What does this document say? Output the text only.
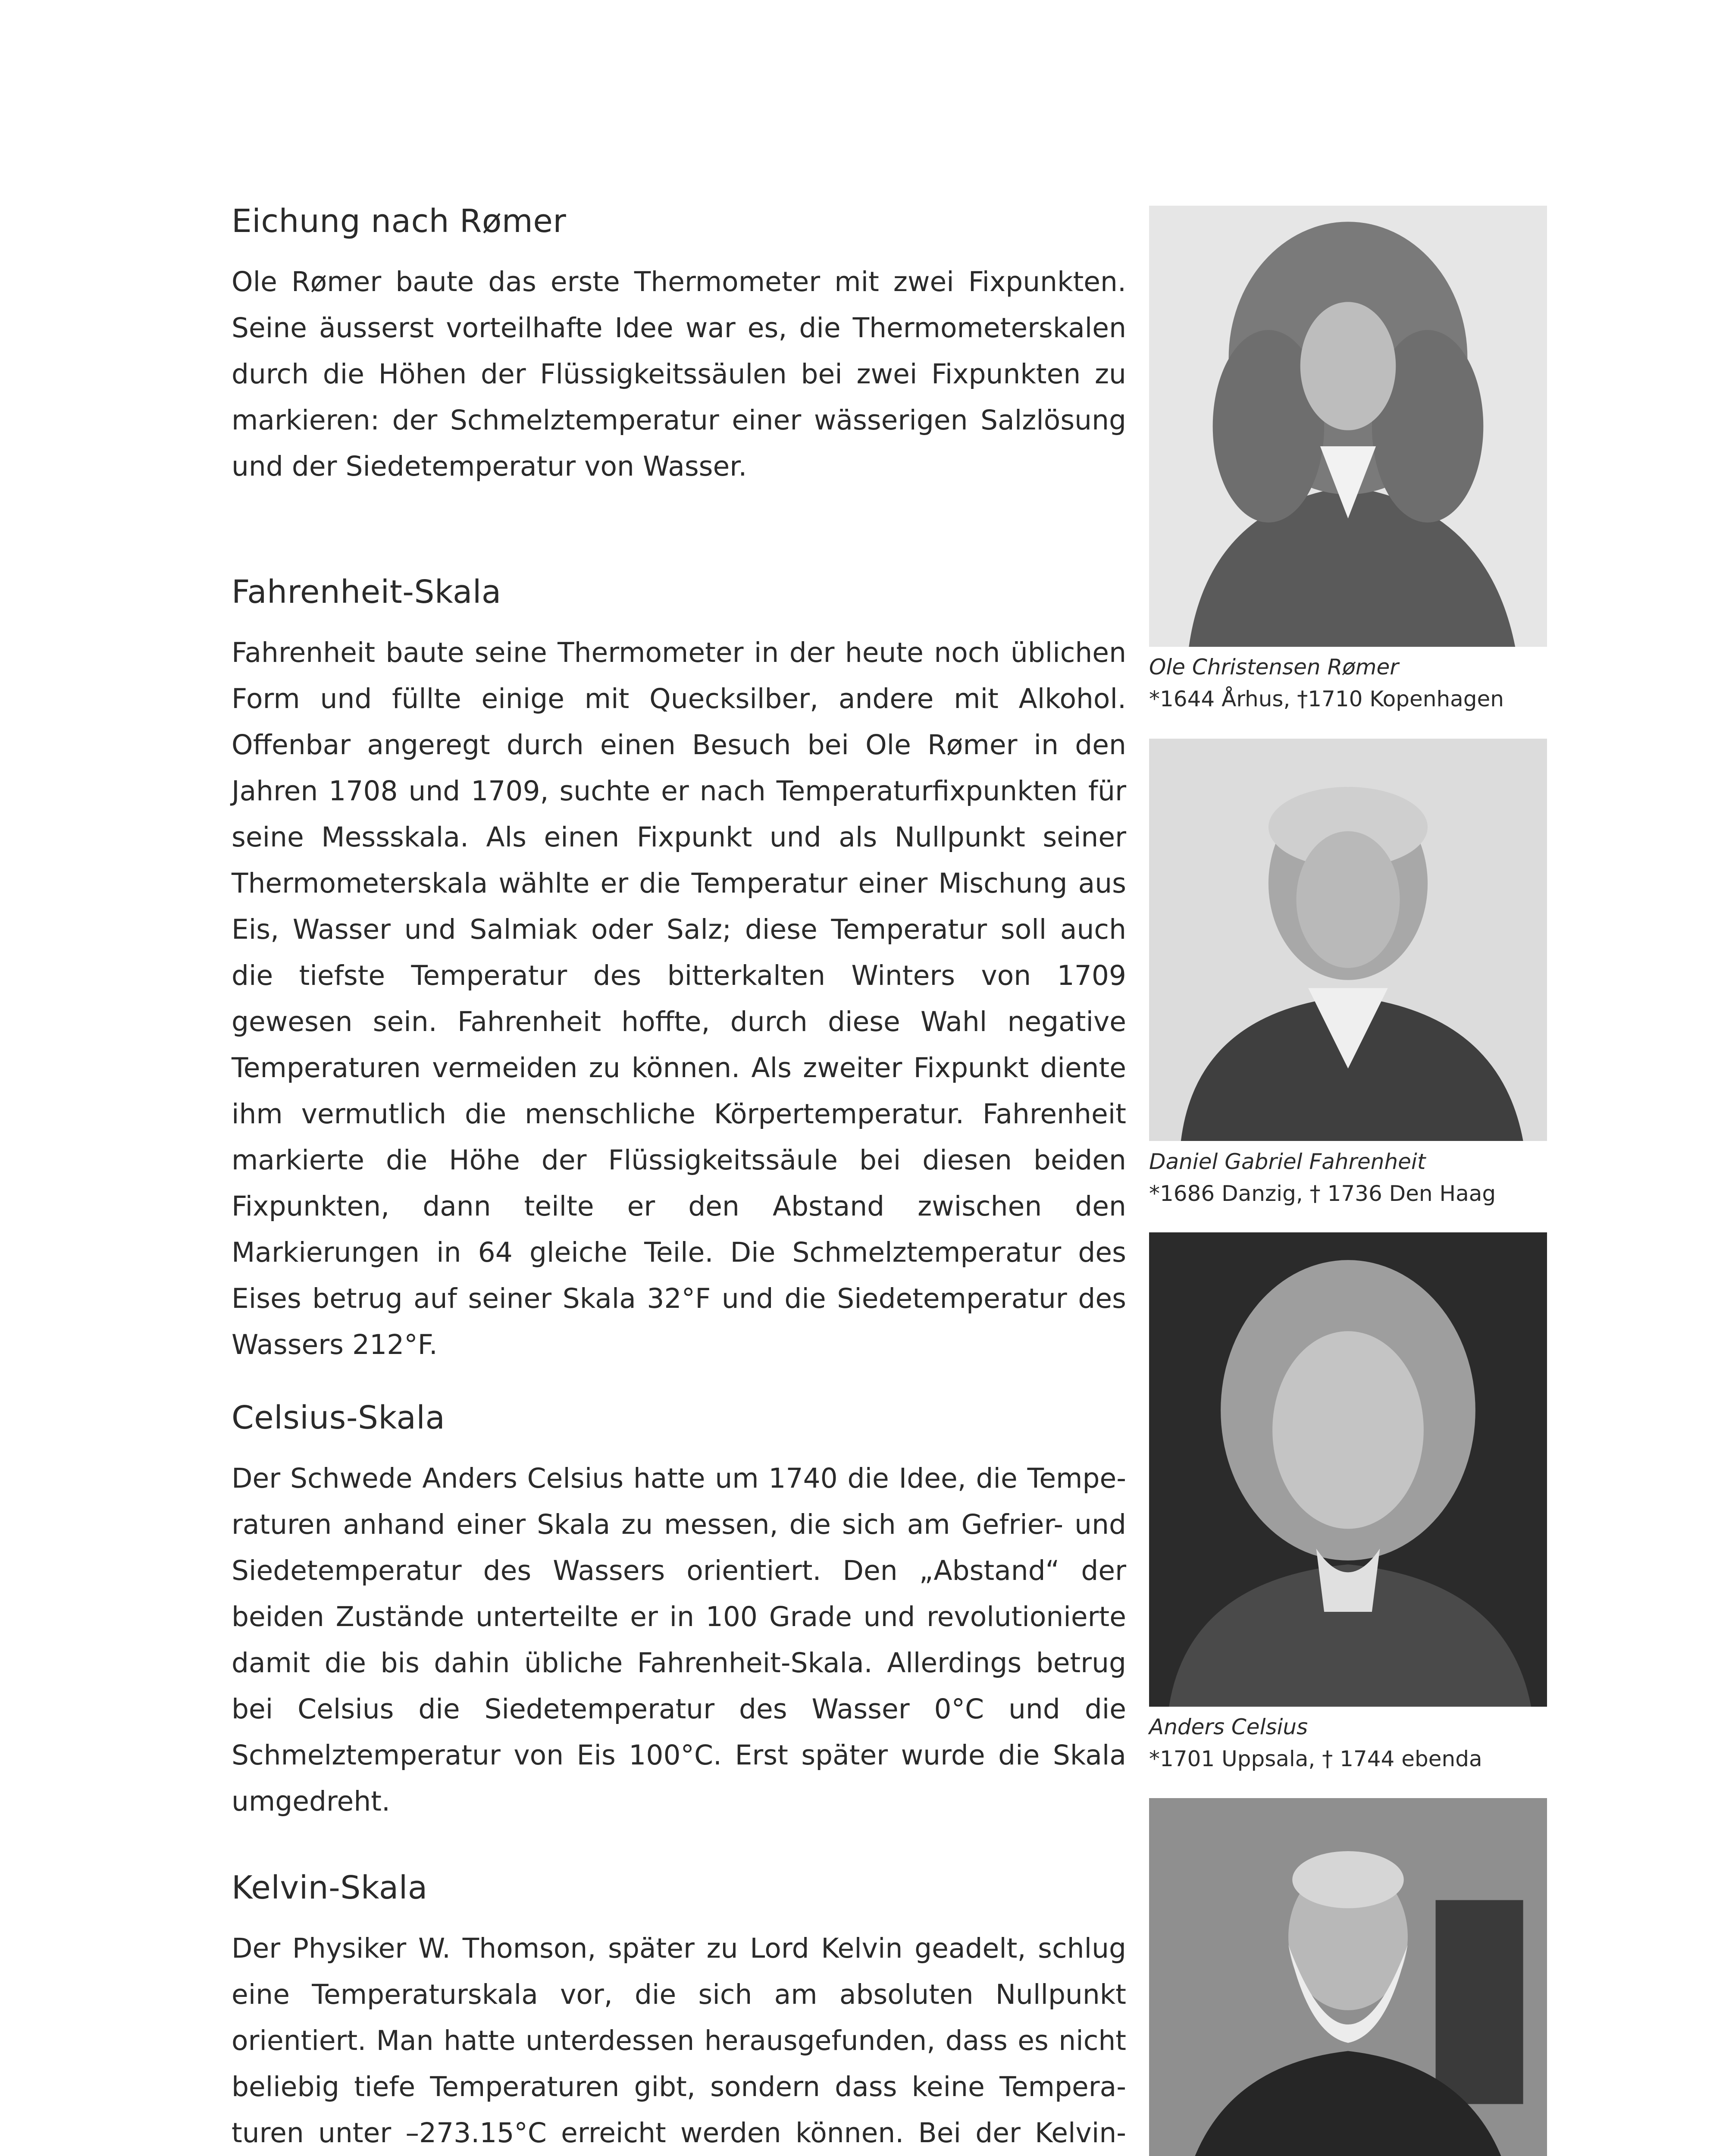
Eichung nach Rømer

Ole Rømer baute das erste Thermometer mit zwei Fixpunkten. Seine äusserst vorteilhafte Idee war es, die Thermometerskalen durch die Höhen der Flüssigkeitssäulen bei zwei Fixpunkten zu markieren: der Schmelztemperatur einer wässerigen Salzlösung und der Siedetemperatur von Wasser.

Fahrenheit-Skala

Fahrenheit baute seine Thermometer in der heute noch üblichen Form und füllte einige mit Quecksilber, andere mit Alkohol. Offenbar angeregt durch einen Besuch bei Ole Rømer in den Jahren 1708 und 1709, suchte er nach Temperaturfixpunkten für seine Messskala. Als einen Fixpunkt und als Nullpunkt seiner Thermometerskala wählte er die Temperatur einer Mischung aus Eis, Wasser und Salmiak oder Salz; diese Temperatur soll auch die tiefste Temperatur des bitterkalten Winters von 1709 gewesen sein. Fahrenheit hoffte, durch diese Wahl negative Temperaturen vermeiden zu können. Als zweiter Fixpunkt diente ihm vermutlich die menschliche Körpertemperatur. Fahrenheit markierte die Höhe der Flüssigkeitssäule bei diesen beiden Fixpunkten, dann teilte er den Abstand zwischen den Markierungen in 64 gleiche Teile. Die Schmelztemperatur des Eises betrug auf seiner Skala 32°F und die Siedetemperatur des Wassers 212°F.

Celsius-Skala

Der Schwede Anders Celsius hatte um 1740 die Idee, die Temperaturen anhand einer Skala zu messen, die sich am Gefrier- und Siedetemperatur des Wassers orientiert. Den „Abstand“ der beiden Zustände unterteilte er in 100 Grade und revolutionierte damit die bis dahin übliche Fahrenheit-Skala. Allerdings betrug bei Celsius die Siedetemperatur des Wasser 0°C und die Schmelztemperatur von Eis 100°C. Erst später wurde die Skala umgedreht.

Kelvin-Skala

Der Physiker W. Thomson, später zu Lord Kelvin geadelt, schlug eine Temperaturskala vor, die sich am absoluten Nullpunkt orientiert. Man hatte unterdessen herausgefunden, dass es nicht beliebig tiefe Temperaturen gibt, sondern dass keine Temperaturen unter –273.15°C erreicht werden können. Bei der Kelvin-

Ole Christensen Rømer
*1644 Århus, †1710 Kopenhagen
Daniel Gabriel Fahrenheit
*1686 Danzig, † 1736 Den Haag
Anders Celsius
*1701 Uppsala, † 1744 ebenda
